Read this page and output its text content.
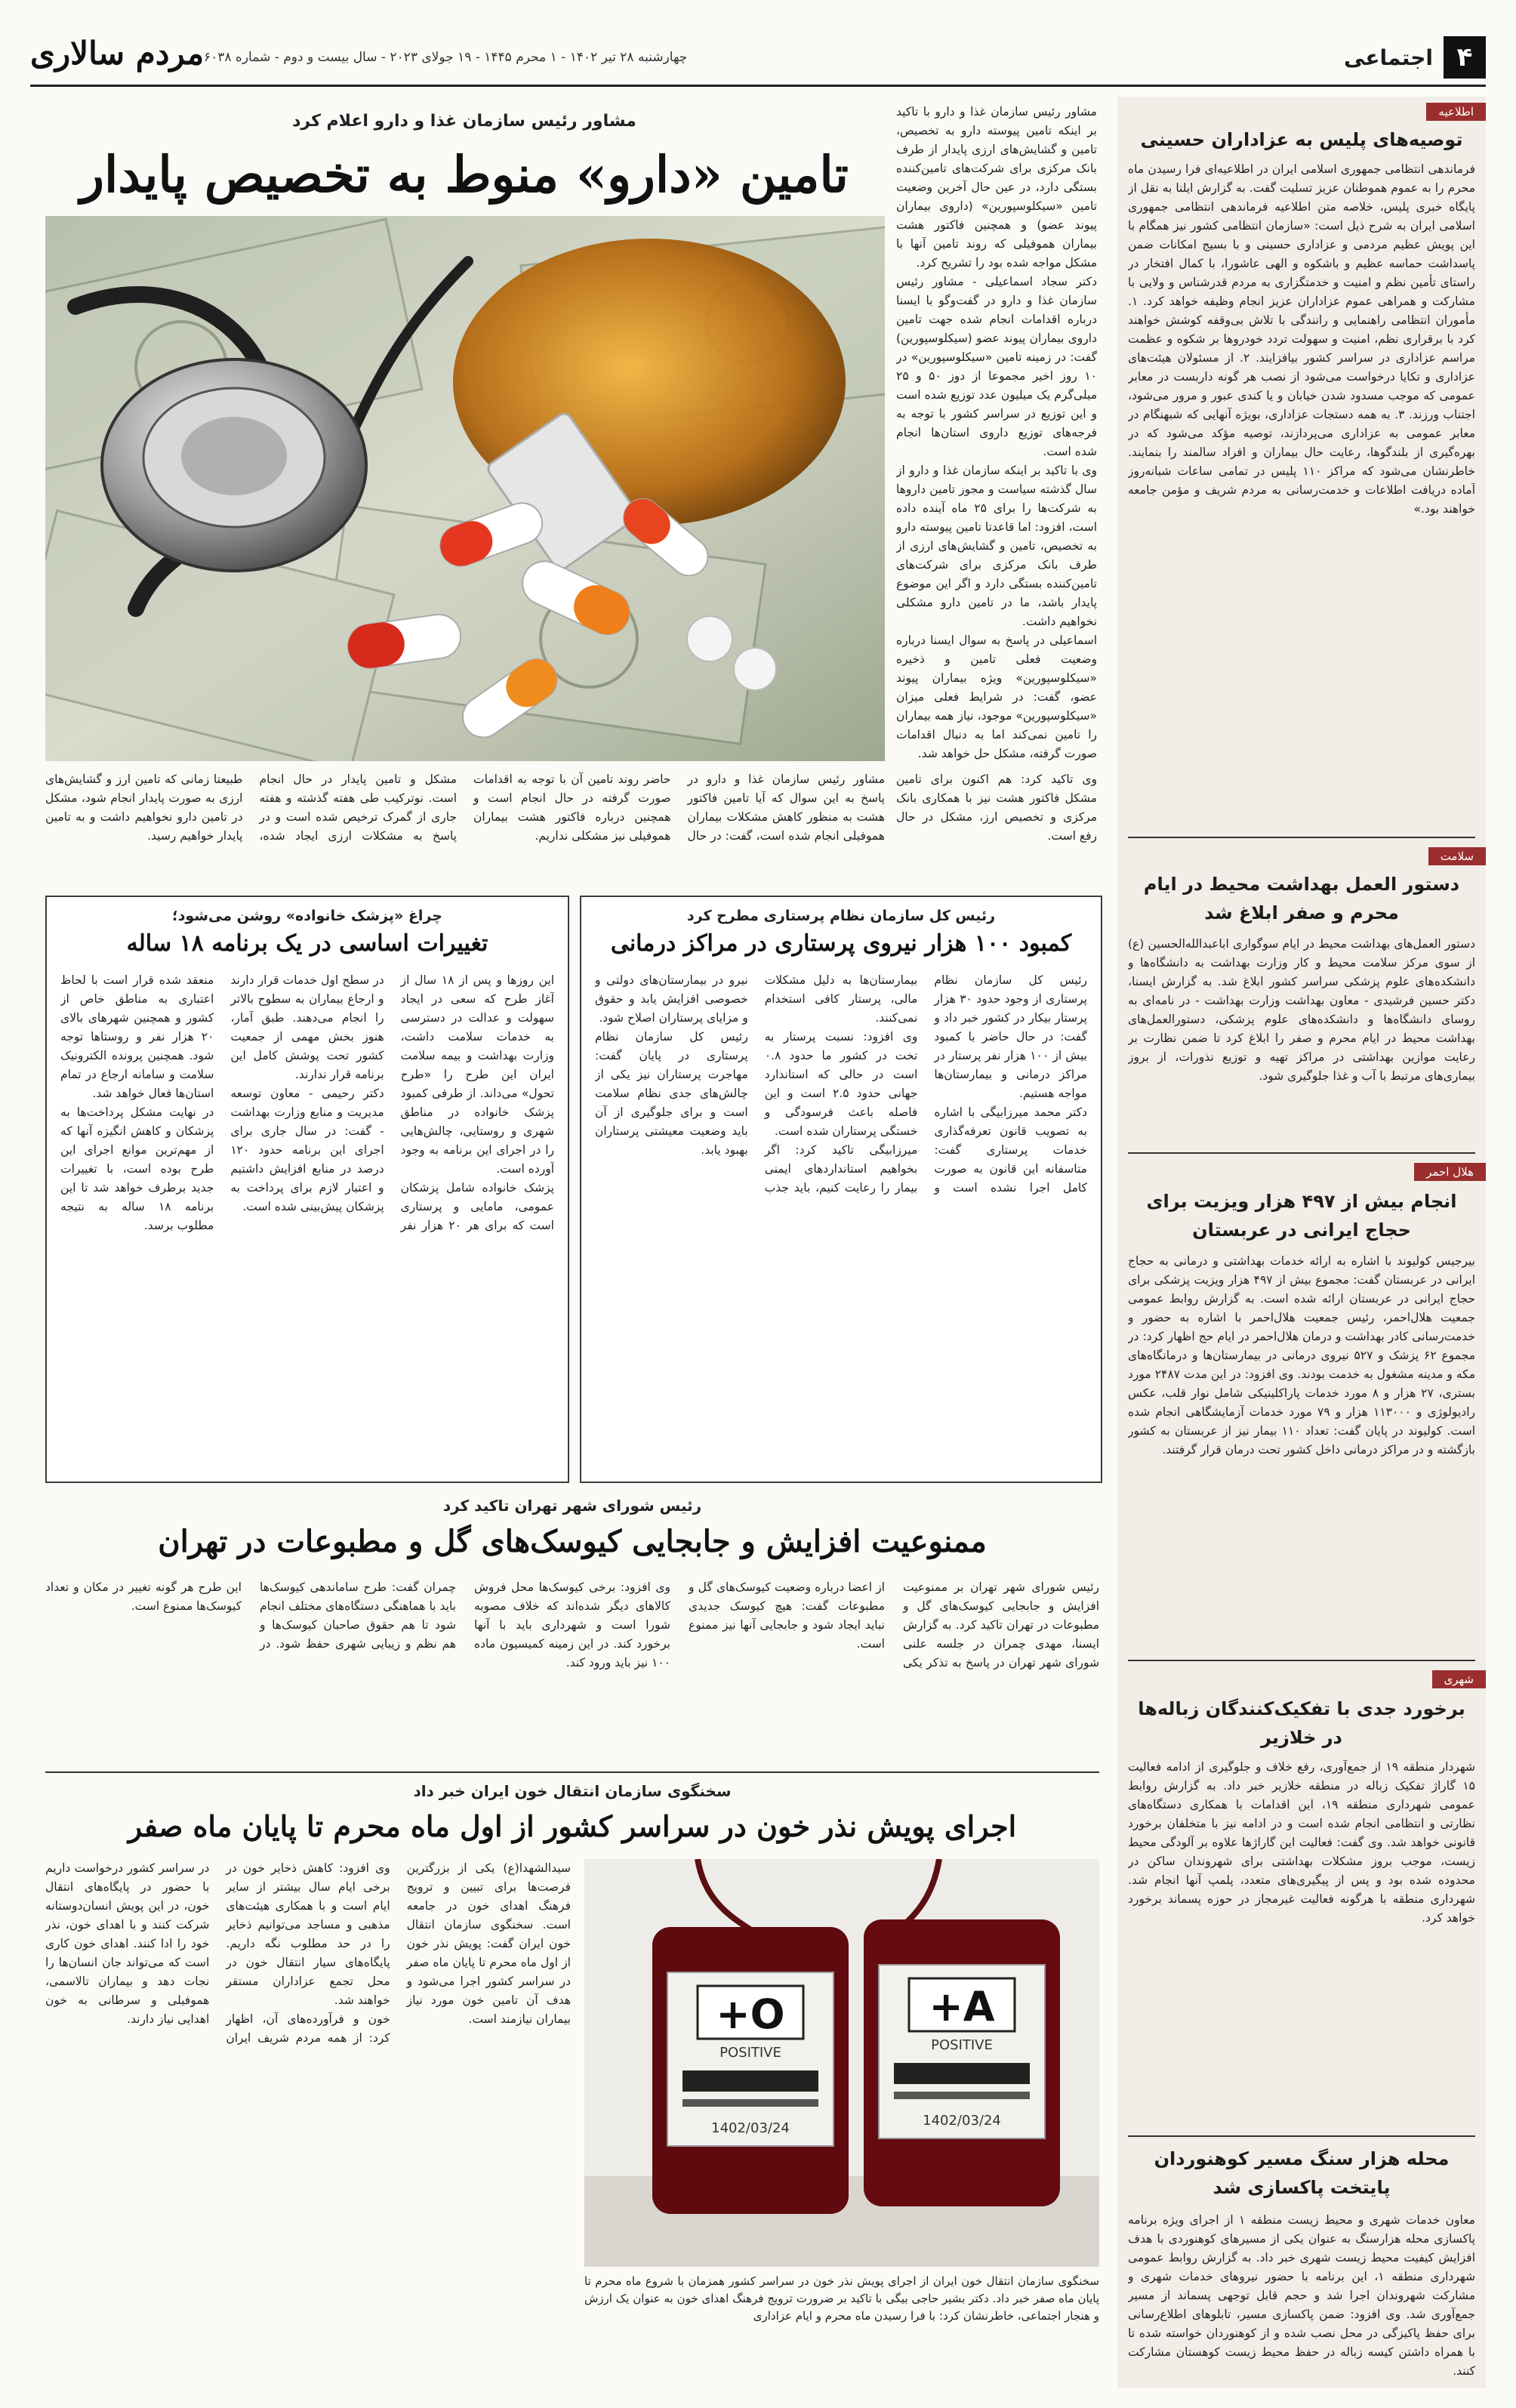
مردم سالاری چهارشنبه ۲۸ تیر ۱۴۰۲ - ۱ محرم ۱۴۴۵ - ۱۹ جولای ۲۰۲۳ - سال بیست و دوم - شماره ۶۰۳۸	۴
اجتماعی
اطلاعیه
توصیه‌های پلیس به عزاداران حسینی
فرماندهی انتظامی جمهوری اسلامی ایران در اطلاعیه‌ای فرا رسیدن ماه محرم را به عموم هموطنان عزیز تسلیت گفت. به گزارش ایلنا به نقل از پایگاه خبری پلیس، خلاصه متن اطلاعیه فرماندهی انتظامی جمهوری اسلامی ایران به شرح ذیل است: «سازمان انتظامی کشور نیز همگام با این پویش عظیم مردمی و عزاداری حسینی و با بسیج امکانات ضمن پاسداشت حماسه عظیم و باشکوه و الهی عاشورا، با کمال افتخار در راستای تأمین نظم و امنیت و خدمتگزاری به مردم قدرشناس و ولایی با مشارکت و همراهی عموم عزاداران عزیز انجام وظیفه خواهد کرد. ۱. مأموران انتظامی راهنمایی و رانندگی با تلاش بی‌وقفه کوشش خواهند کرد با برقراری نظم، امنیت و سهولت تردد خودروها بر شکوه و عظمت مراسم عزاداری در سراسر کشور بیافزایند. ۲. از مسئولان هیئت‌های عزاداری و تکایا درخواست می‌شود از نصب هر گونه داربست در معابر عمومی که موجب مسدود شدن خیابان و یا کندی عبور و مرور می‌شود، اجتناب ورزند. ۳. به همه دستجات عزاداری، بویژه آنهایی که شبهنگام در معابر عمومی به عزاداری می‌پردازند، توصیه مؤکد می‌شود که در بهره‌گیری از بلندگوها، رعایت حال بیماران و افراد سالمند را بنمایند. خاطرنشان می‌شود که مراکز ۱۱۰ پلیس در تمامی ساعات شبانه‌روز آماده دریافت اطلاعات و خدمت‌رسانی به مردم شریف و مؤمن جامعه خواهند بود.»
سلامت
دستور العمل بهداشت محیط در ایام محرم و صفر ابلاغ شد
دستور العمل‌های بهداشت محیط در ایام سوگواری اباعبدالله‌الحسین (ع) از سوی مرکز سلامت محیط و کار وزارت بهداشت به دانشگاه‌ها و دانشکده‌های علوم پزشکی سراسر کشور ابلاغ شد. به گزارش ایسنا، دکتر حسین فرشیدی - معاون بهداشت وزارت بهداشت - در نامه‌ای به روسای دانشگاه‌ها و دانشکده‌های علوم پزشکی، دستورالعمل‌های بهداشت محیط در ایام محرم و صفر را ابلاغ کرد تا ضمن نظارت بر رعایت موازین بهداشتی در مراکز تهیه و توزیع نذورات، از بروز بیماری‌های مرتبط با آب و غذا جلوگیری شود.
هلال احمر
انجام بیش از ۴۹۷ هزار ویزیت برای حجاج ایرانی در عربستان
بیرجیس کولیوند با اشاره به ارائه خدمات بهداشتی و درمانی به حجاج ایرانی در عربستان گفت: مجموع بیش از ۴۹۷ هزار ویزیت پزشکی برای حجاج ایرانی در عربستان ارائه شده است. به گزارش روابط عمومی جمعیت هلال‌احمر، رئیس جمعیت هلال‌احمر با اشاره به حضور و خدمت‌رسانی کادر بهداشت و درمان هلال‌احمر در ایام حج اظهار کرد: در مجموع ۶۲ پزشک و ۵۲۷ نیروی درمانی در بیمارستان‌ها و درمانگاه‌های مکه و مدینه مشغول به خدمت بودند. وی افزود: در این مدت ۲۴۸۷ مورد بستری، ۲۷ هزار و ۸ مورد خدمات پاراکلینیکی شامل نوار قلب، عکس رادیولوژی و ۱۱۳۰۰۰ هزار و ۷۹ مورد خدمات آزمایشگاهی انجام شده است. کولیوند در پایان گفت: تعداد ۱۱۰ بیمار نیز از عربستان به کشور بازگشته و در مراکز درمانی داخل کشور تحت درمان قرار گرفتند.
شهری
برخورد جدی با تفکیک‌کنندگان زباله‌ها در خلازیر
شهردار منطقه ۱۹ از جمع‌آوری، رفع خلاف و جلوگیری از ادامه فعالیت ۱۵ گاراژ تفکیک زباله در منطقه خلازیر خبر داد. به گزارش روابط عمومی شهرداری منطقه ۱۹، این اقدامات با همکاری دستگاه‌های نظارتی و انتظامی انجام شده است و در ادامه نیز با متخلفان برخورد قانونی خواهد شد. وی گفت: فعالیت این گاراژها علاوه بر آلودگی محیط زیست، موجب بروز مشکلات بهداشتی برای شهروندان ساکن در محدوده شده بود و پس از پیگیری‌های متعدد، پلمپ آنها انجام شد. شهرداری منطقه با هرگونه فعالیت غیرمجاز در حوزه پسماند برخورد خواهد کرد.
محله هزار سنگ مسیر کوهنوردان پایتخت پاکسازی شد
معاون خدمات شهری و محیط زیست منطقه ۱ از اجرای ویژه برنامه پاکسازی محله هزارسنگ به عنوان یکی از مسیرهای کوهنوردی با هدف افزایش کیفیت محیط زیست شهری خبر داد. به گزارش روابط عمومی شهرداری منطقه ۱، این برنامه با حضور نیروهای خدمات شهری و مشارکت شهروندان اجرا شد و حجم قابل توجهی پسماند از مسیر جمع‌آوری شد. وی افزود: ضمن پاکسازی مسیر، تابلوهای اطلاع‌رسانی برای حفظ پاکیزگی در محل نصب شده و از کوهنوردان خواسته شده تا با همراه داشتن کیسه زباله در حفظ محیط زیست کوهستان مشارکت کنند.
مشاور رئیس سازمان غذا و دارو اعلام کرد
تامین «دارو» منوط به تخصیص پایدار
مشاور رئیس سازمان غذا و دارو با تاکید بر اینکه تامین پیوسته دارو به تخصیص، تامین و گشایش‌های ارزی پایدار از طرف بانک مرکزی برای شرکت‌های تامین‌کننده بستگی دارد، در عین حال آخرین وضعیت تامین «سیکلوسپورین» (داروی بیماران پیوند عضو) و همچنین فاکتور هشت بیماران هموفیلی که روند تامین آنها با مشکل مواجه شده بود را تشریح کرد.
دکتر سجاد اسماعیلی - مشاور رئیس سازمان غذا و دارو در گفت‌وگو با ایسنا درباره اقدامات انجام شده جهت تامین داروی بیماران پیوند عضو (سیکلوسپورین) گفت: در زمینه تامین «سیکلوسپورین» در ۱۰ روز اخیر مجموعا از دوز ۵۰ و ۲۵ میلی‌گرم یک میلیون عدد توزیع شده است و این توزیع در سراسر کشور با توجه به فرجه‌های توزیع داروی استان‌ها انجام شده است.
وی با تاکید بر اینکه سازمان غذا و دارو از سال گذشته سیاست و مجوز تامین داروها به شرکت‌ها را برای ۲۵ ماه آینده داده است، افزود: اما قاعدتا تامین پیوسته دارو به تخصیص، تامین و گشایش‌های ارزی از طرف بانک مرکزی برای شرکت‌های تامین‌کننده بستگی دارد و اگر این موضوع پایدار باشد، ما در تامین دارو مشکلی نخواهیم داشت.
اسماعیلی در پاسخ به سوال ایسنا درباره وضعیت فعلی تامین و ذخیره «سیکلوسپورین» ویژه بیماران پیوند عضو، گفت: در شرایط فعلی میزان «سیکلوسپورین» موجود، نیاز همه بیماران را تامین نمی‌کند اما به دنبال اقدامات صورت گرفته، مشکل حل خواهد شد.
وی تاکید کرد: هم اکنون برای تامین مشکل فاکتور هشت نیز با همکاری بانک مرکزی و تخصیص ارز، مشکل در حال رفع است.
مشاور رئیس سازمان غذا و دارو در پاسخ به این سوال که آیا تامین فاکتور هشت به منظور کاهش مشکلات بیماران هموفیلی انجام شده است، گفت: در حال حاضر روند تامین آن با توجه به اقدامات صورت گرفته در حال انجام است و همچنین درباره فاکتور هشت بیماران هموفیلی نیز مشکلی نداریم.
مشکل و تامین پایدار در حال انجام است. نوترکیب طی هفته گذشته و هفته جاری از گمرک ترخیص شده است و در پاسخ به مشکلات ارزی ایجاد شده، طبیعتا زمانی که تامین ارز و گشایش‌های ارزی به صورت پایدار انجام شود، مشکل در تامین دارو نخواهیم داشت و به تامین پایدار خواهیم رسید.
چراغ «پزشک خانواده» روشن می‌شود؛
تغییرات اساسی در یک برنامه ۱۸ ساله
این روزها و پس از ۱۸ سال از آغاز طرح که سعی در ایجاد سهولت و عدالت در دسترسی به خدمات سلامت داشت، وزارت بهداشت و بیمه سلامت ایران این طرح را «طرح تحول» می‌داند. از طرفی کمبود پزشک خانواده در مناطق شهری و روستایی، چالش‌هایی را در اجرای این برنامه به وجود آورده است.
پزشک خانواده شامل پزشکان عمومی، مامایی و پرستاری است که برای هر ۲۰ هزار نفر در سطح اول خدمات قرار دارند و ارجاع بیماران به سطوح بالاتر را انجام می‌دهند. طبق آمار، هنوز بخش مهمی از جمعیت کشور تحت پوشش کامل این برنامه قرار ندارند.
دکتر رحیمی - معاون توسعه مدیریت و منابع وزارت بهداشت - گفت: در سال جاری برای اجرای این برنامه حدود ۱۲۰ درصد در منابع افزایش داشتیم و اعتبار لازم برای پرداخت به پزشکان پیش‌بینی شده است.
منعقد شده قرار است با لحاظ اعتباری به مناطق خاص از کشور و همچنین شهرهای بالای ۲۰ هزار نفر و روستاها توجه شود. همچنین پرونده الکترونیک سلامت و سامانه ارجاع در تمام استان‌ها فعال خواهد شد.
در نهایت مشکل پرداخت‌ها به پزشکان و کاهش انگیزه آنها که از مهم‌ترین موانع اجرای این طرح بوده است، با تغییرات جدید برطرف خواهد شد تا این برنامه ۱۸ ساله به نتیجه مطلوب برسد.
رئیس کل سازمان نظام پرستاری مطرح کرد
کمبود ۱۰۰ هزار نیروی پرستاری در مراکز درمانی
رئیس کل سازمان نظام پرستاری از وجود حدود ۳۰ هزار پرستار بیکار در کشور خبر داد و گفت: در حال حاضر با کمبود بیش از ۱۰۰ هزار نفر پرستار در مراکز درمانی و بیمارستان‌ها مواجه هستیم.
دکتر محمد میرزابیگی با اشاره به تصویب قانون تعرفه‌گذاری خدمات پرستاری گفت: متاسفانه این قانون به صورت کامل اجرا نشده است و بیمارستان‌ها به دلیل مشکلات مالی، پرستار کافی استخدام نمی‌کنند.
وی افزود: نسبت پرستار به تخت در کشور ما حدود ۰.۸ است در حالی که استاندارد جهانی حدود ۲.۵ است و این فاصله باعث فرسودگی و خستگی پرستاران شده است.
میرزابیگی تاکید کرد: اگر بخواهیم استانداردهای ایمنی بیمار را رعایت کنیم، باید جذب نیرو در بیمارستان‌های دولتی و خصوصی افزایش یابد و حقوق و مزایای پرستاران اصلاح شود.
رئیس کل سازمان نظام پرستاری در پایان گفت: مهاجرت پرستاران نیز یکی از چالش‌های جدی نظام سلامت است و برای جلوگیری از آن باید وضعیت معیشتی پرستاران بهبود یابد.
رئیس شورای شهر تهران تاکید کرد
ممنوعیت افزایش و جابجایی کیوسک‌های گل و مطبوعات در تهران
رئیس شورای شهر تهران بر ممنوعیت افزایش و جابجایی کیوسک‌های گل و مطبوعات در تهران تاکید کرد. به گزارش ایسنا، مهدی چمران در جلسه علنی شورای شهر تهران در پاسخ به تذکر یکی از اعضا درباره وضعیت کیوسک‌های گل و مطبوعات گفت: هیچ کیوسک جدیدی نباید ایجاد شود و جابجایی آنها نیز ممنوع است.
وی افزود: برخی کیوسک‌ها محل فروش کالاهای دیگر شده‌اند که خلاف مصوبه شورا است و شهرداری باید با آنها برخورد کند. در این زمینه کمیسیون ماده ۱۰۰ نیز باید ورود کند.
چمران گفت: طرح ساماندهی کیوسک‌ها باید با هماهنگی دستگاه‌های مختلف انجام شود تا هم حقوق صاحبان کیوسک‌ها و هم نظم و زیبایی شهری حفظ شود. در این طرح هر گونه تغییر در مکان و تعداد کیوسک‌ها ممنوع است.
سخنگوی سازمان انتقال خون ایران خبر داد
اجرای پویش نذر خون در سراسر کشور از اول ماه محرم تا پایان ماه صفر
O+
POSITIVE
1402/03/24
A+
POSITIVE
1402/03/24
سخنگوی سازمان انتقال خون ایران از اجرای پویش نذر خون در سراسر کشور همزمان با شروع ماه محرم تا پایان ماه صفر خبر داد. دکتر بشیر حاجی بیگی با تاکید بر ضرورت ترویج فرهنگ اهدای خون به عنوان یک ارزش و هنجار اجتماعی، خاطرنشان کرد: با فرا رسیدن ماه محرم و ایام عزاداری
سیدالشهدا(ع) یکی از بزرگترین فرصت‌ها برای تبیین و ترویج فرهنگ اهدای خون در جامعه است. سخنگوی سازمان انتقال خون ایران گفت: پویش نذر خون از اول ماه محرم تا پایان ماه صفر در سراسر کشور اجرا می‌شود و هدف آن تامین خون مورد نیاز بیماران نیازمند است.
وی افزود: کاهش ذخایر خون در برخی ایام سال بیشتر از سایر ایام است و با همکاری هیئت‌های مذهبی و مساجد می‌توانیم ذخایر را در حد مطلوب نگه داریم. پایگاه‌های سیار انتقال خون در محل تجمع عزاداران مستقر خواهند شد.
خون و فرآورده‌های آن، اظهار کرد: از همه مردم شریف ایران در سراسر کشور درخواست داریم با حضور در پایگاه‌های انتقال خون، در این پویش انسان‌دوستانه شرکت کنند و با اهدای خون، نذر خود را ادا کنند. اهدای خون کاری است که می‌تواند جان انسان‌ها را نجات دهد و بیماران تالاسمی، هموفیلی و سرطانی به خون اهدایی نیاز دارند.
